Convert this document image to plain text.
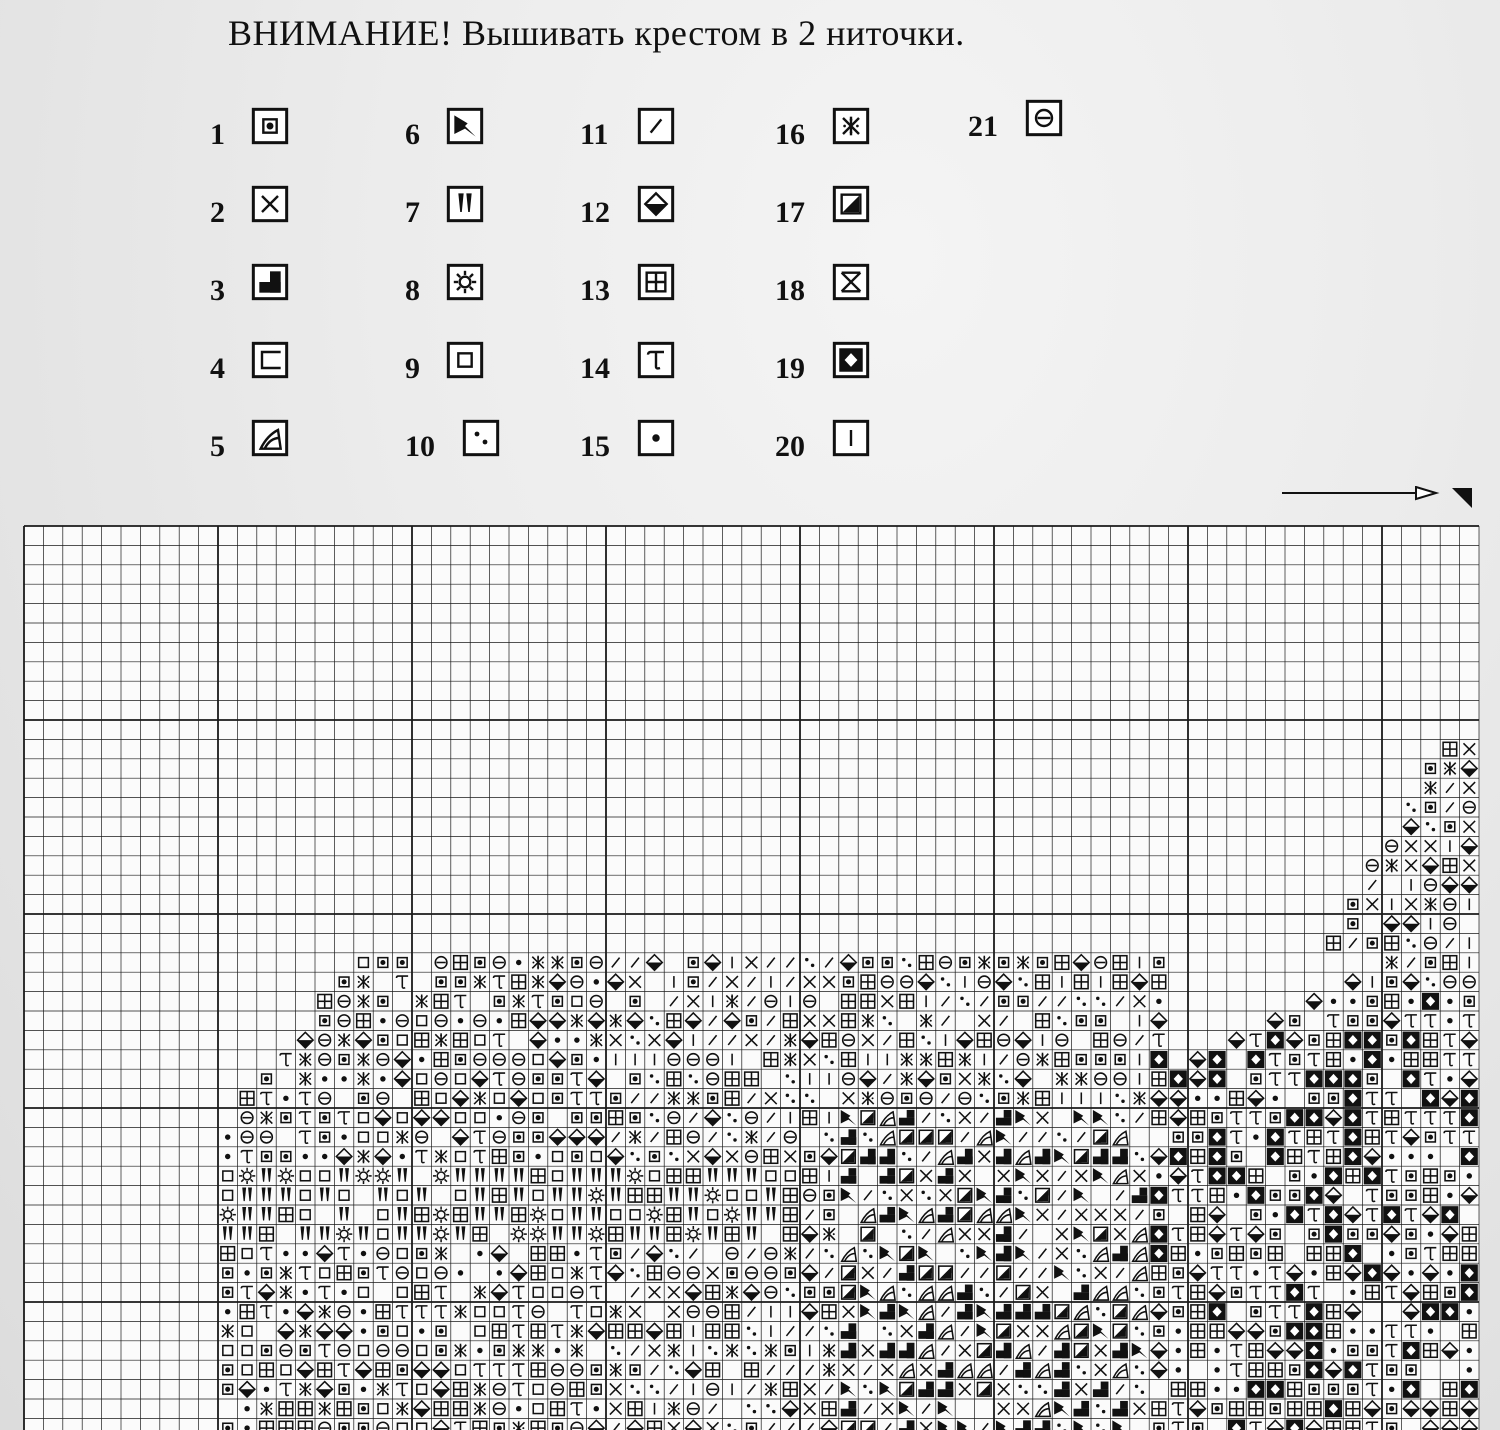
ВНИМАНИЕ! Вышивать крестом в 2 ниточки.
1
2
3
4
5
6
7
8
9
10
11
12
13
14
15
16
17
18
19
20
21
